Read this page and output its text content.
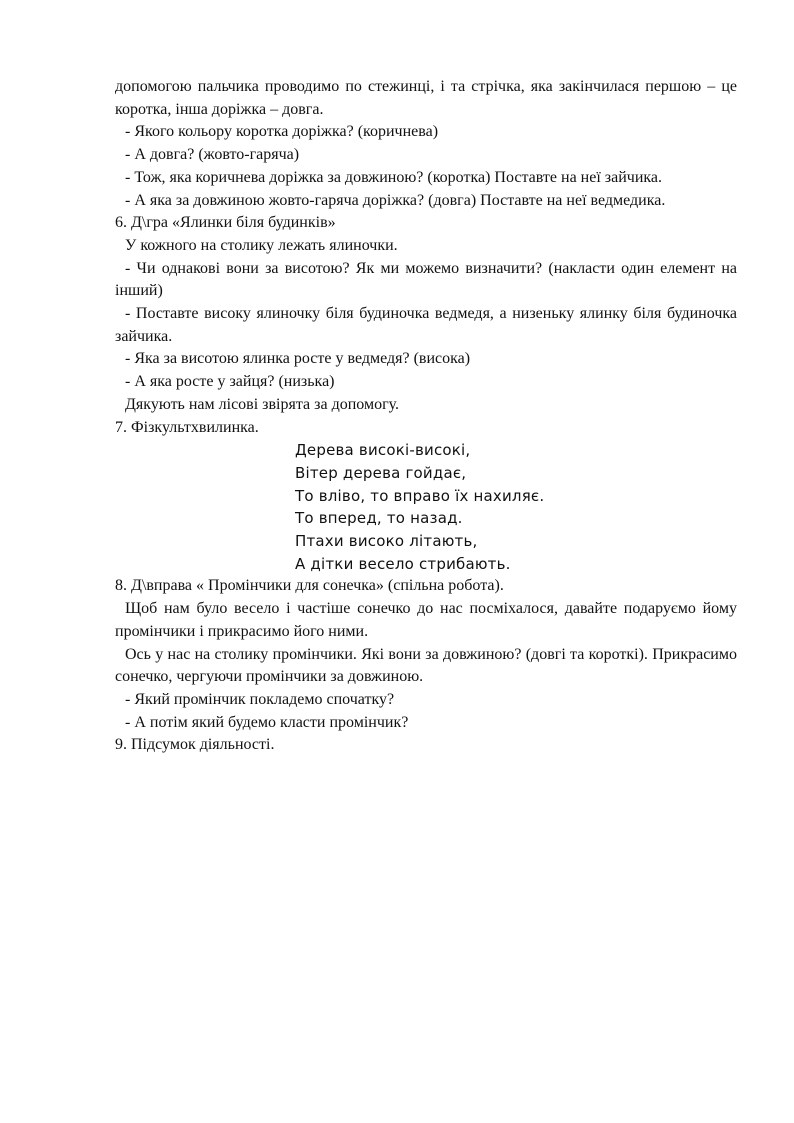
допомогою пальчика проводимо по стежинці, і та стрічка, яка закінчилася першою – це коротка, інша доріжка – довга.

- Якого кольору коротка доріжка? (коричнева)

- А довга? (жовто-гаряча)

- Тож, яка коричнева доріжка за довжиною? (коротка) Поставте на неї зайчика.

- А яка за довжиною жовто-гаряча доріжка? (довга) Поставте на неї ведмедика.

6. Д\гра «Ялинки біля будинків»

У кожного на столику лежать ялиночки.

- Чи однакові вони за висотою? Як ми можемо визначити? (накласти один елемент на інший)

- Поставте високу ялиночку біля будиночка ведмедя, а низеньку ялинку біля будиночка зайчика.

- Яка за висотою ялинка росте у ведмедя? (висока)

- А яка росте у зайця? (низька)

Дякують нам лісові звірята за допомогу.

7. Фізкультхвилинка.

Дерева високі-високі,

Вітер дерева гойдає,

То вліво, то вправо їх нахиляє.

То вперед, то назад.

Птахи високо літають,

А дітки весело стрибають.

8. Д\вправа « Промінчики для сонечка» (спільна робота).

Щоб нам було весело і частіше сонечко до нас посміхалося, давайте подаруємо йому промінчики і прикрасимо його ними.

Ось у нас на столику промінчики. Які вони за довжиною? (довгі та короткі). Прикрасимо сонечко, чергуючи промінчики за довжиною.

- Який промінчик покладемо спочатку?

- А потім який будемо класти промінчик?

9. Підсумок діяльності.
